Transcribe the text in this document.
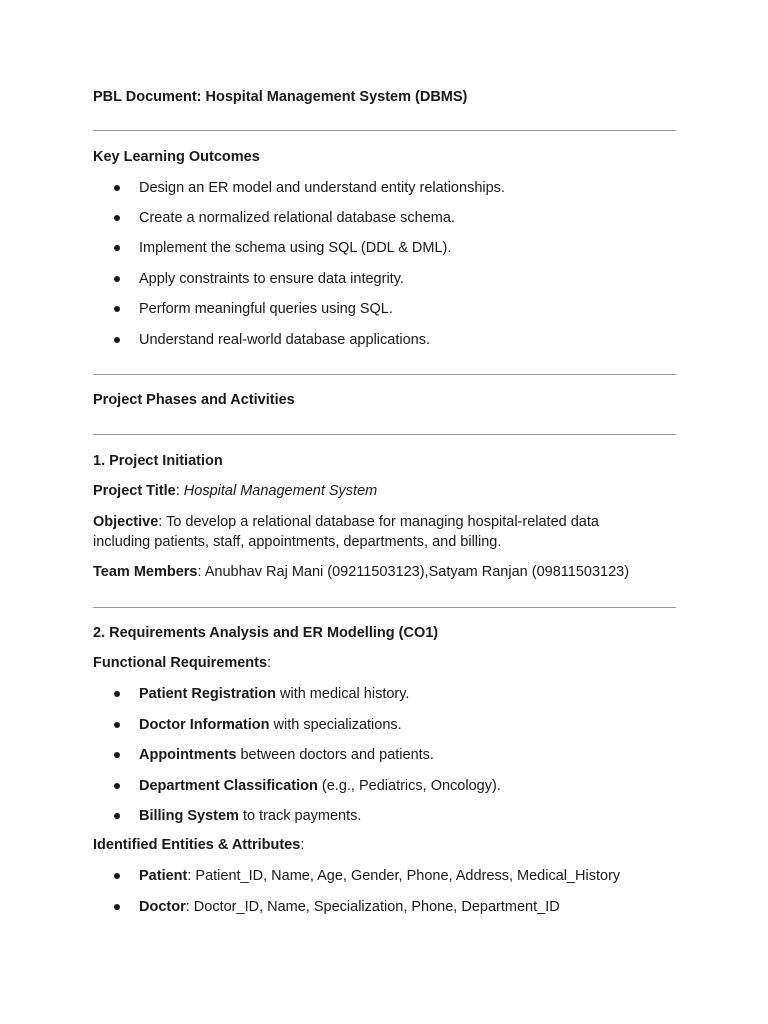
PBL Document: Hospital Management System (DBMS)
Key Learning Outcomes
Design an ER model and understand entity relationships.
Create a normalized relational database schema.
Implement the schema using SQL (DDL & DML).
Apply constraints to ensure data integrity.
Perform meaningful queries using SQL.
Understand real-world database applications.
Project Phases and Activities
1. Project Initiation
Project Title: Hospital Management System
Objective: To develop a relational database for managing hospital-related data including patients, staff, appointments, departments, and billing.
Team Members: Anubhav Raj Mani (09211503123),Satyam Ranjan (09811503123)
2. Requirements Analysis and ER Modelling (CO1)
Functional Requirements:
Patient Registration with medical history.
Doctor Information with specializations.
Appointments between doctors and patients.
Department Classification (e.g., Pediatrics, Oncology).
Billing System to track payments.
Identified Entities & Attributes:
Patient: Patient_ID, Name, Age, Gender, Phone, Address, Medical_History
Doctor: Doctor_ID, Name, Specialization, Phone, Department_ID
